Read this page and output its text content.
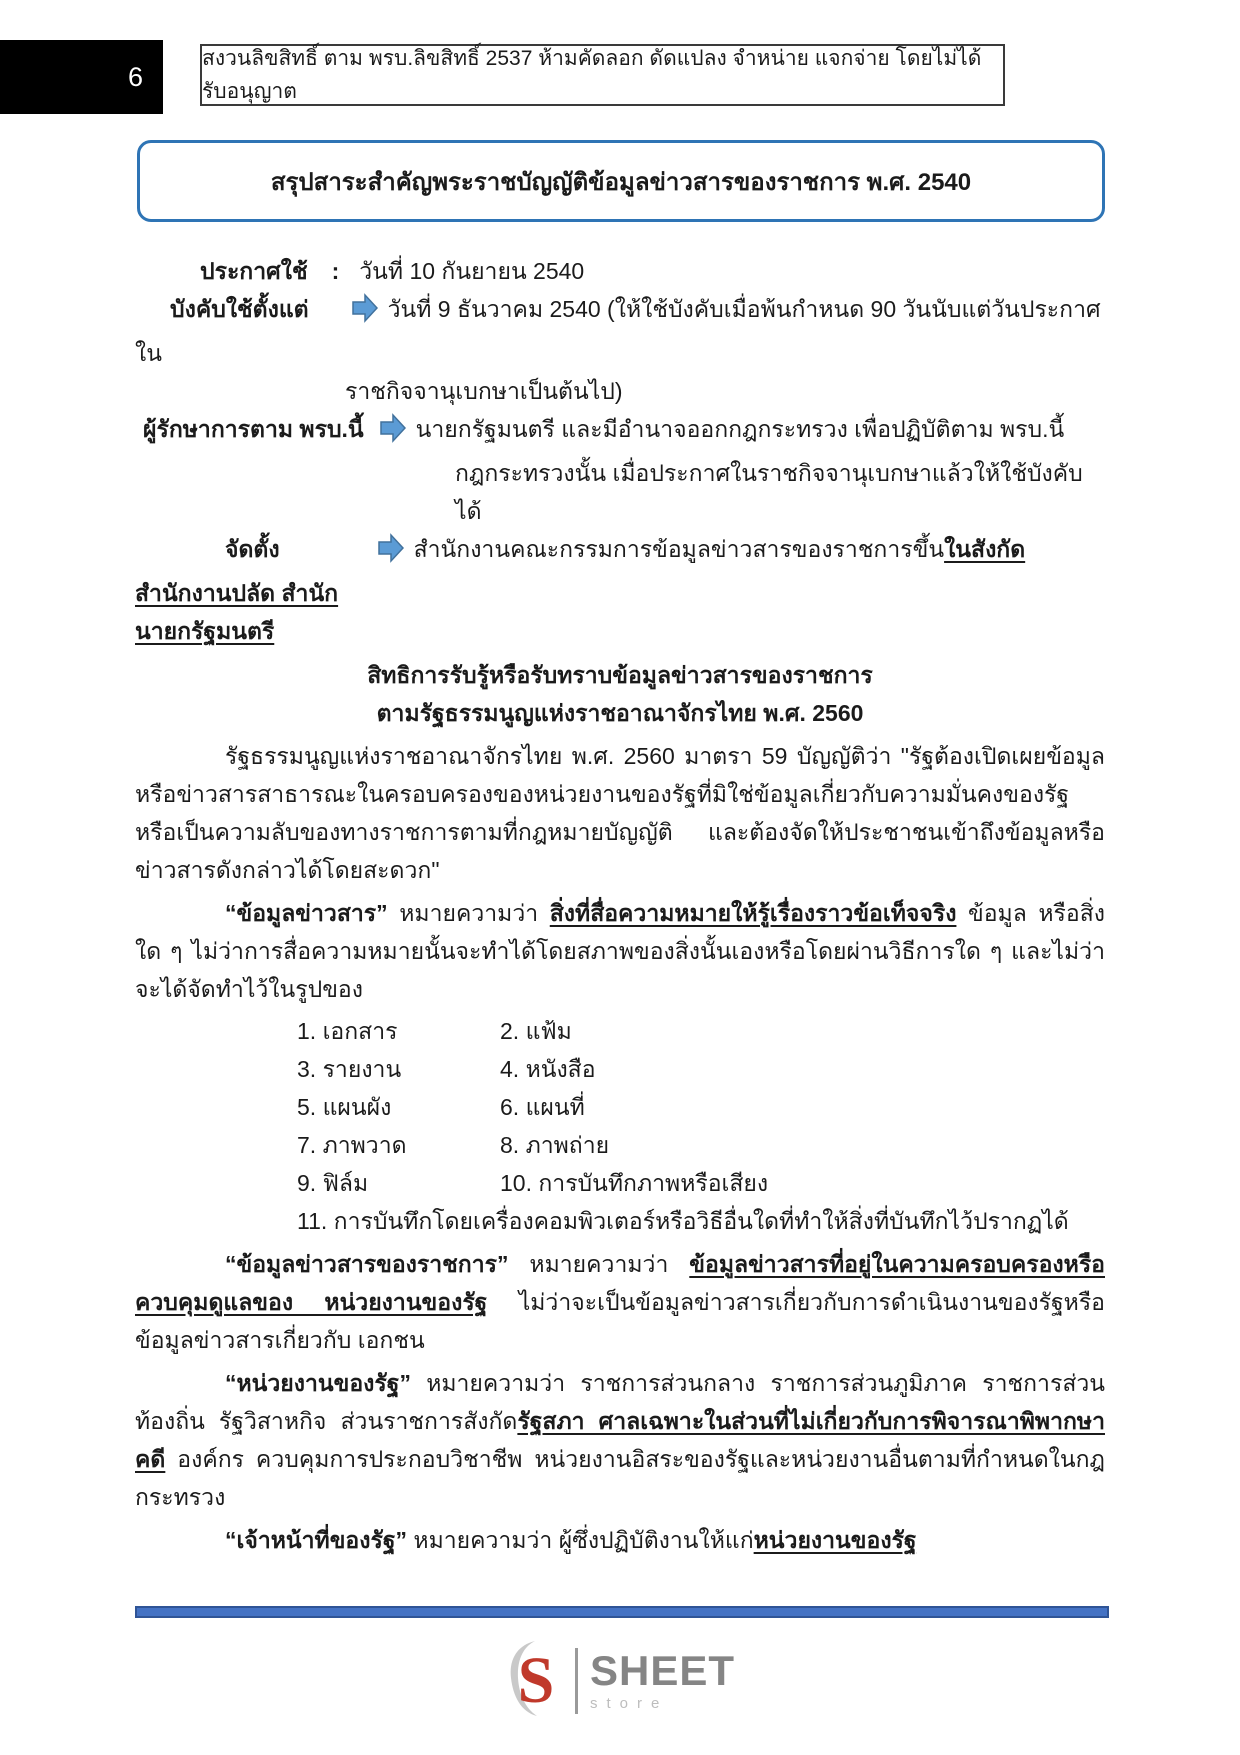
6
สงวนลิขสิทธิ์ ตาม พรบ.ลิขสิทธิ์ 2537 ห้ามคัดลอก ดัดแปลง จำหน่าย แจกจ่าย โดยไม่ได้รับอนุญาต
สรุปสาระสำคัญพระราชบัญญัติข้อมูลข่าวสารของราชการ พ.ศ. 2540
ประกาศใช้ : วันที่ 10 กันยายน 2540
บังคับใช้ตั้งแต่	วันที่ 9 ธันวาคม 2540 (ให้ใช้บังคับเมื่อพ้นกำหนด 90 วันนับแต่วันประกาศใน
ราชกิจจานุเบกษาเป็นต้นไป)
ผู้รักษาการตาม พรบ.นี้ นายกรัฐมนตรี และมีอำนาจออกกฎกระทรวง เพื่อปฏิบัติตาม พรบ.นี้
กฎกระทรวงนั้น เมื่อประกาศในราชกิจจานุเบกษาแล้วให้ใช้บังคับได้
จัดตั้ง	สำนักงานคณะกรรมการข้อมูลข่าวสารของราชการขึ้นในสังกัดสำนักงานปลัด สำนัก
นายกรัฐมนตรี
สิทธิการรับรู้หรือรับทราบข้อมูลข่าวสารของราชการ
ตามรัฐธรรมนูญแห่งราชอาณาจักรไทย พ.ศ. 2560
รัฐธรรมนูญแห่งราชอาณาจักรไทย พ.ศ. 2560 มาตรา 59 บัญญัติว่า "รัฐต้องเปิดเผยข้อมูลหรือข่าวสารสาธารณะในครอบครองของหน่วยงานของรัฐที่มิใช่ข้อมูลเกี่ยวกับความมั่นคงของรัฐหรือเป็นความลับของทางราชการตามที่กฎหมายบัญญัติ และต้องจัดให้ประชาชนเข้าถึงข้อมูลหรือข่าวสารดังกล่าวได้โดยสะดวก"
“ข้อมูลข่าวสาร” หมายความว่า สิ่งที่สื่อความหมายให้รู้เรื่องราวข้อเท็จจริง ข้อมูล หรือสิ่งใด ๆ ไม่ว่าการสื่อความหมายนั้นจะทำได้โดยสภาพของสิ่งนั้นเองหรือโดยผ่านวิธีการใด ๆ และไม่ว่าจะได้จัดทำไว้ในรูปของ
1. เอกสาร	2. แฟ้ม
3. รายงาน	4. หนังสือ
5. แผนผัง	6. แผนที่
7. ภาพวาด	8. ภาพถ่าย
9. ฟิล์ม	10. การบันทึกภาพหรือเสียง
11. การบันทึกโดยเครื่องคอมพิวเตอร์หรือวิธีอื่นใดที่ทำให้สิ่งที่บันทึกไว้ปรากฏได้
“ข้อมูลข่าวสารของราชการ” หมายความว่า ข้อมูลข่าวสารที่อยู่ในความครอบครองหรือควบคุมดูแลของ หน่วยงานของรัฐ ไม่ว่าจะเป็นข้อมูลข่าวสารเกี่ยวกับการดำเนินงานของรัฐหรือข้อมูลข่าวสารเกี่ยวกับ เอกชน
“หน่วยงานของรัฐ” หมายความว่า ราชการส่วนกลาง ราชการส่วนภูมิภาค ราชการส่วนท้องถิ่น รัฐวิสาหกิจ ส่วนราชการสังกัดรัฐสภา ศาลเฉพาะในส่วนที่ไม่เกี่ยวกับการพิจารณาพิพากษาคดี องค์กร ควบคุมการประกอบวิชาชีพ หน่วยงานอิสระของรัฐและหน่วยงานอื่นตามที่กำหนดในกฎกระทรวง
“เจ้าหน้าที่ของรัฐ” หมายความว่า ผู้ซึ่งปฏิบัติงานให้แก่หน่วยงานของรัฐ
S SHEET
store
